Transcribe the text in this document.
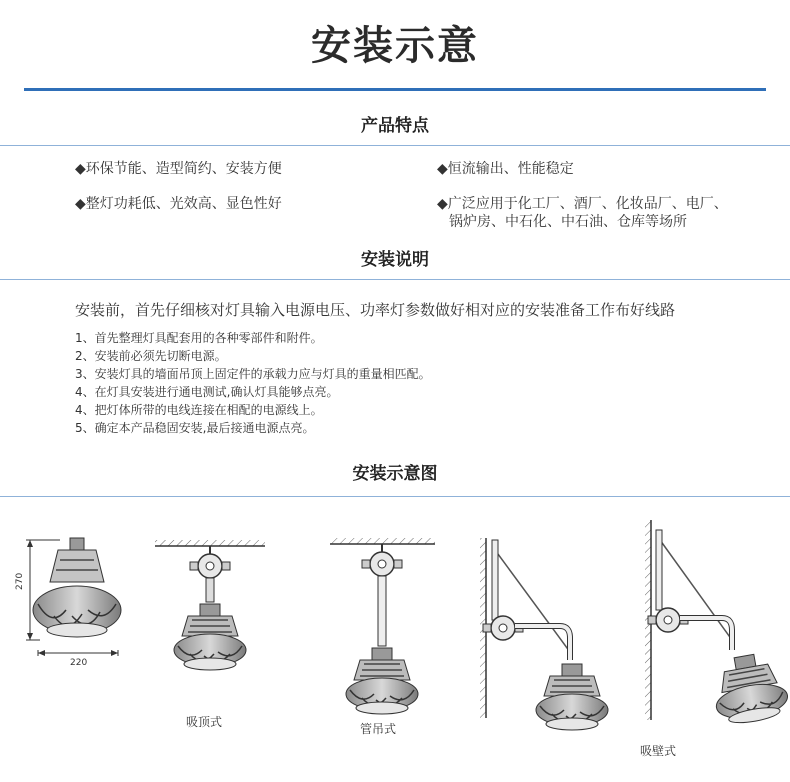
安装示意
产品特点
◆环保节能、造型简约、安装方便	◆恒流输出、性能稳定
◆整灯功耗低、光效高、显色性好	◆广泛应用于化工厂、酒厂、化妆品厂、电厂、
锅炉房、中石化、中石油、仓库等场所
安装说明
安装前，首先仔细核对灯具输入电源电压、功率灯参数做好相对应的安装准备工作布好线路
1、首先整理灯具配套用的各种零部件和附件。
2、安装前必须先切断电源。
3、安装灯具的墙面吊顶上固定件的承载力应与灯具的重量相匹配。
4、在灯具安装进行通电测试,确认灯具能够点亮。
4、把灯体所带的电线连接在相配的电源线上。
5、确定本产品稳固安装,最后接通电源点亮。
安装示意图
270
220
吸顶式	管吊式
吸壁式
